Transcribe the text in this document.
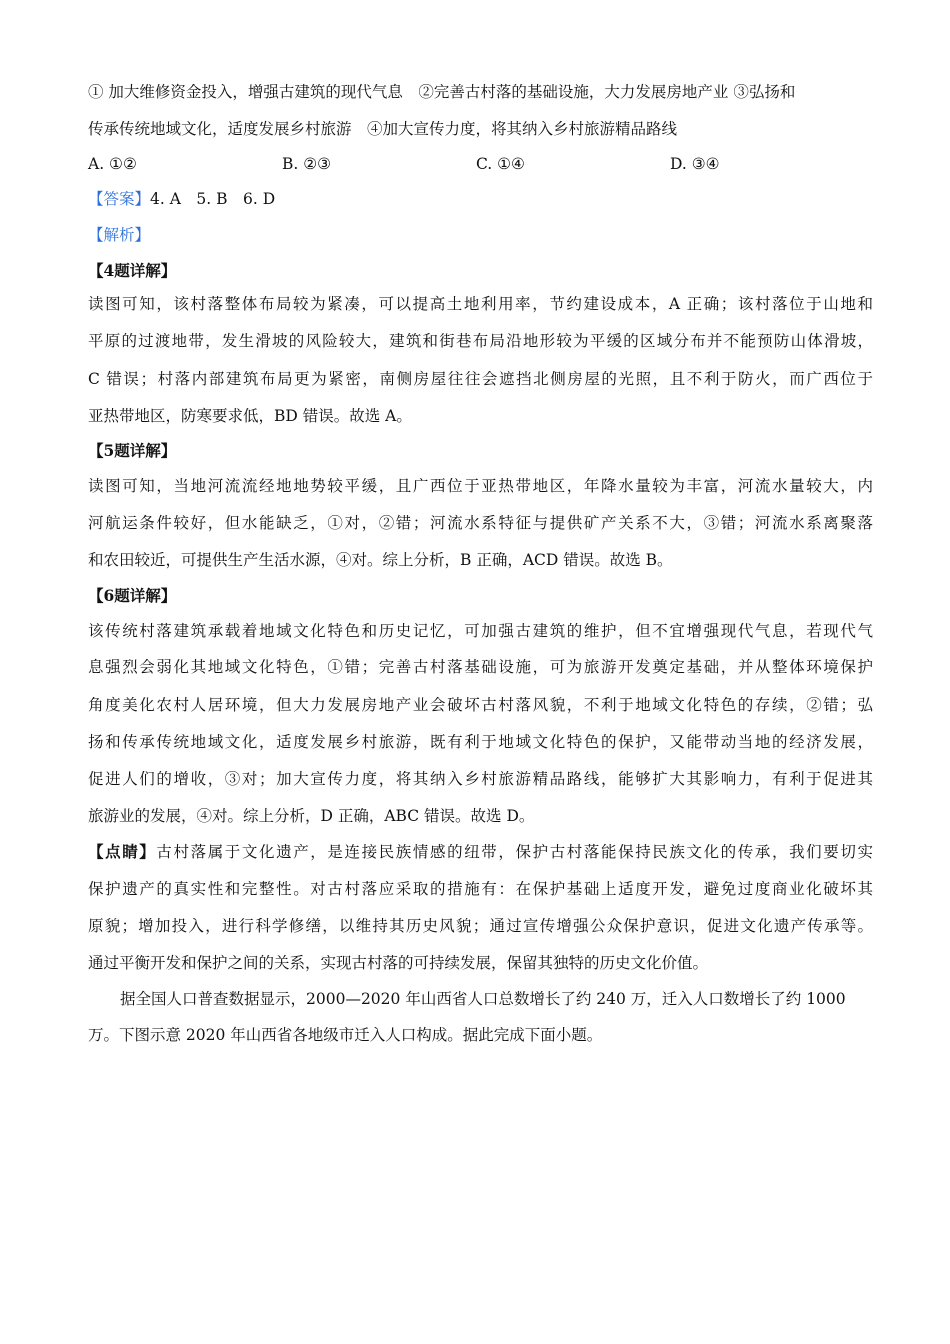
① 加大维修资金投入，增强古建筑的现代气息　②完善古村落的基础设施，大力发展房地产业 ③弘扬和
传承传统地域文化，适度发展乡村旅游　④加大宣传力度，将其纳入乡村旅游精品路线
A. ①②	B. ②③	C. ①④	D. ③④
【答案】4. A　5. B　6. D
【解析】
【4题详解】
读图可知，该村落整体布局较为紧凑，可以提高土地利用率，节约建设成本，A 正确；该村落位于山地和
平原的过渡地带，发生滑坡的风险较大，建筑和街巷布局沿地形较为平缓的区域分布并不能预防山体滑坡，
C 错误；村落内部建筑布局更为紧密，南侧房屋往往会遮挡北侧房屋的光照，且不利于防火，而广西位于
亚热带地区，防寒要求低，BD 错误。故选 A。
【5题详解】
读图可知，当地河流流经地地势较平缓，且广西位于亚热带地区，年降水量较为丰富，河流水量较大，内
河航运条件较好，但水能缺乏，①对，②错；河流水系特征与提供矿产关系不大，③错；河流水系离聚落
和农田较近，可提供生产生活水源，④对。综上分析，B 正确，ACD 错误。故选 B。
【6题详解】
该传统村落建筑承载着地域文化特色和历史记忆，可加强古建筑的维护，但不宜增强现代气息，若现代气
息强烈会弱化其地域文化特色，①错；完善古村落基础设施，可为旅游开发奠定基础，并从整体环境保护
角度美化农村人居环境，但大力发展房地产业会破坏古村落风貌，不利于地域文化特色的存续，②错；弘
扬和传承传统地域文化，适度发展乡村旅游，既有利于地域文化特色的保护，又能带动当地的经济发展，
促进人们的增收，③对；加大宣传力度，将其纳入乡村旅游精品路线，能够扩大其影响力，有利于促进其
旅游业的发展，④对。综上分析，D 正确，ABC 错误。故选 D。
【点睛】古村落属于文化遗产，是连接民族情感的纽带，保护古村落能保持民族文化的传承，我们要切实
保护遗产的真实性和完整性。对古村落应采取的措施有：在保护基础上适度开发，避免过度商业化破坏其
原貌；增加投入，进行科学修缮，以维持其历史风貌；通过宣传增强公众保护意识，促进文化遗产传承等。
通过平衡开发和保护之间的关系，实现古村落的可持续发展，保留其独特的历史文化价值。
据全国人口普查数据显示，2000—2020 年山西省人口总数增长了约 240 万，迁入人口数增长了约 1000
万。下图示意 2020 年山西省各地级市迁入人口构成。据此完成下面小题。
